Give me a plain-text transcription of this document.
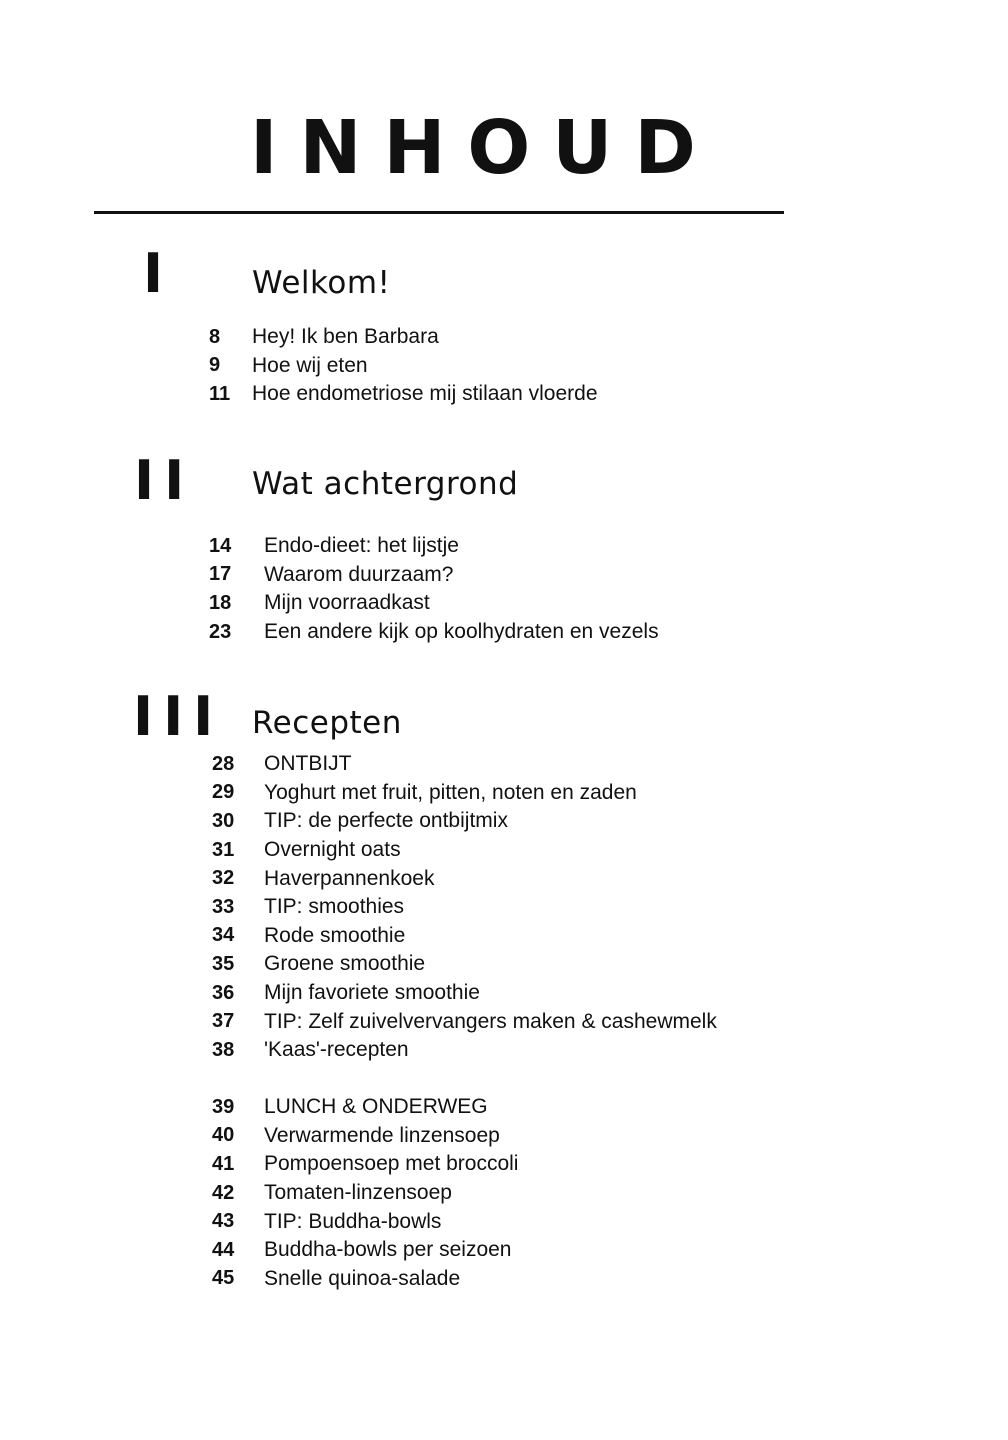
INHOUD
I	Welkom!
8	Hey! Ik ben Barbara
9	Hoe wij eten
11	Hoe endometriose mij stilaan vloerde
II Wat achtergrond
14	Endo-dieet: het lijstje
17	Waarom duurzaam?
18	Mijn voorraadkast
23	Een andere kijk op koolhydraten en vezels
III Recepten
28	ONTBIJT
29	Yoghurt met fruit, pitten, noten en zaden
30	TIP: de perfecte ontbijtmix
31	Overnight oats
32	Haverpannenkoek
33	TIP: smoothies
34	Rode smoothie
35	Groene smoothie
36	Mijn favoriete smoothie
37	TIP: Zelf zuivelvervangers maken & cashewmelk
38	'Kaas'-recepten
39	LUNCH & ONDERWEG
40	Verwarmende linzensoep
41	Pompoensoep met broccoli
42	Tomaten-linzensoep
43	TIP: Buddha-bowls
44	Buddha-bowls per seizoen
45	Snelle quinoa-salade
